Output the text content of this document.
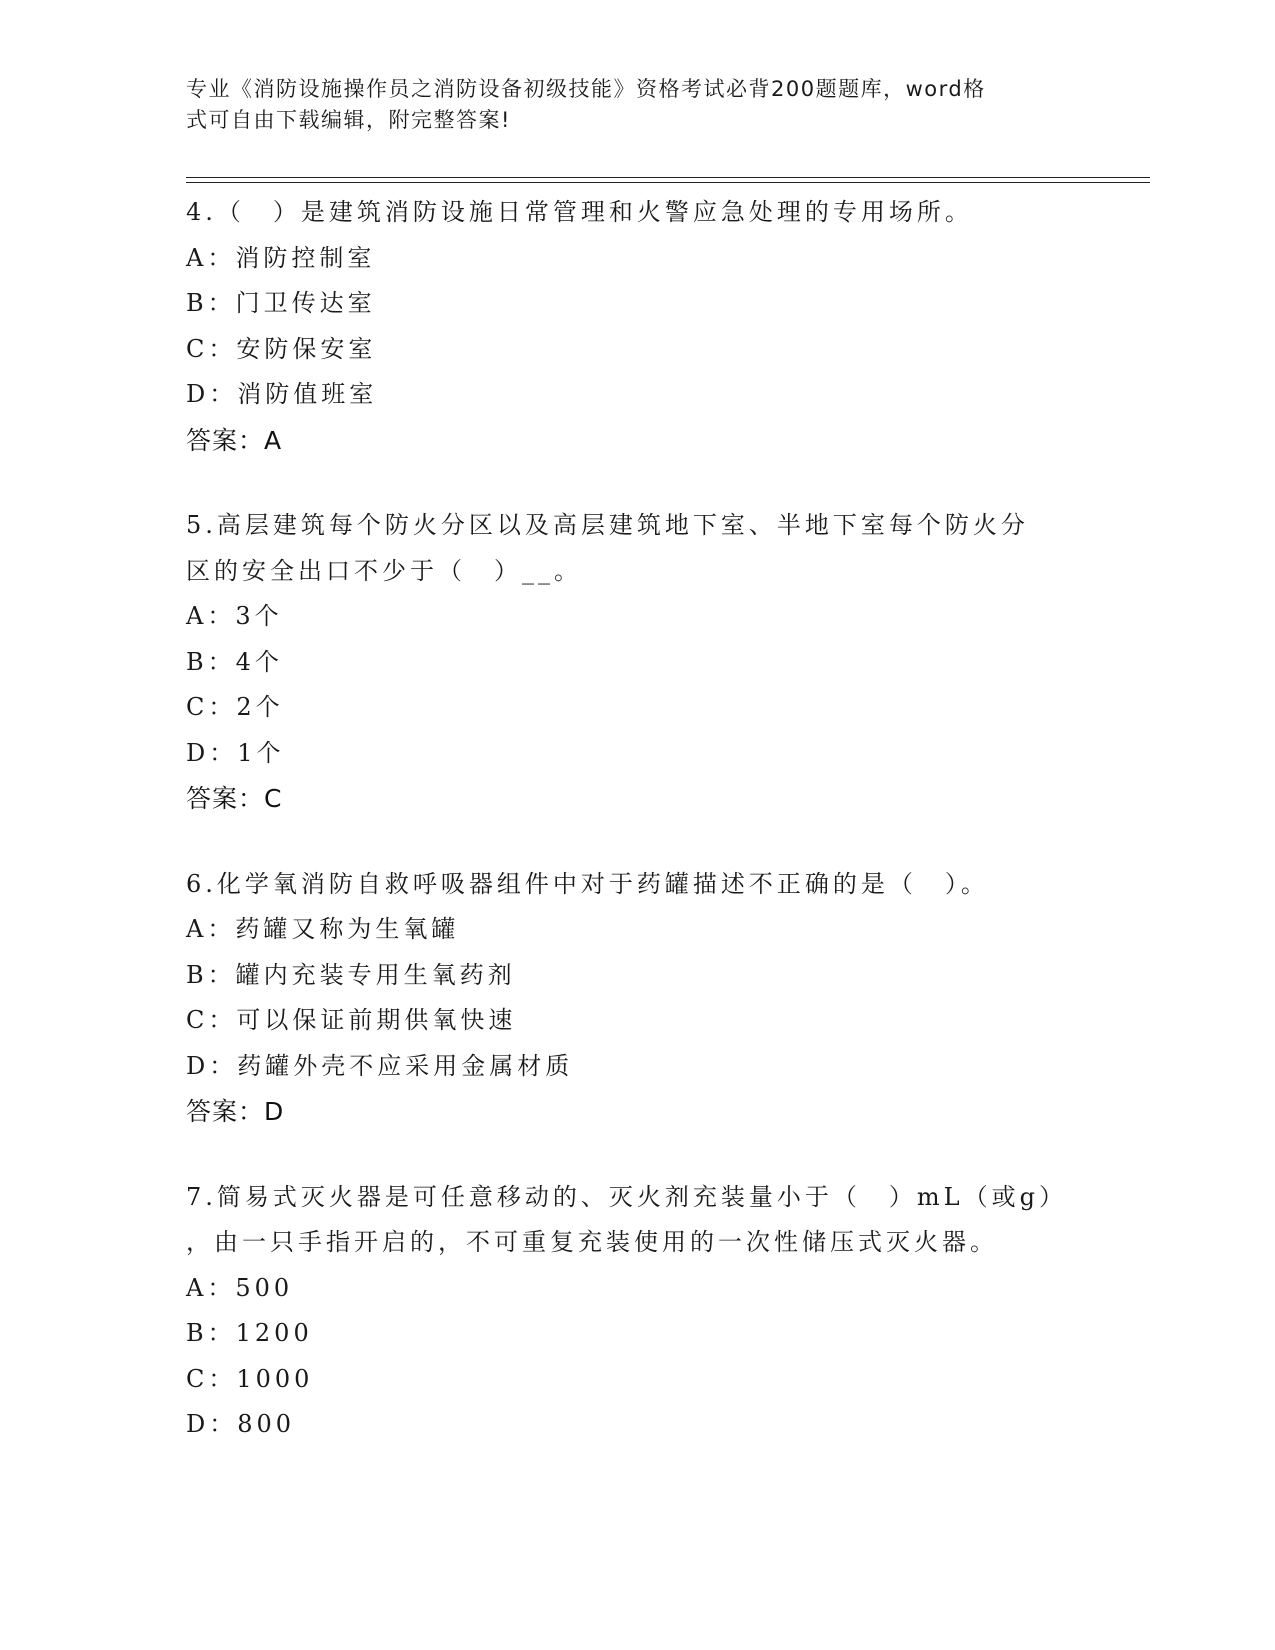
专业《消防设施操作员之消防设备初级技能》资格考试必背200题题库，word格
式可自由下载编辑，附完整答案!
4.（　）是建筑消防设施日常管理和火警应急处理的专用场所。
A：消防控制室
B：门卫传达室
C：安防保安室
D：消防值班室
答案：A
5.高层建筑每个防火分区以及高层建筑地下室、半地下室每个防火分
区的安全出口不少于（　）__。
A：3个
B：4个
C：2个
D：1个
答案：C
6.化学氧消防自救呼吸器组件中对于药罐描述不正确的是（　）。
A：药罐又称为生氧罐
B：罐内充装专用生氧药剂
C：可以保证前期供氧快速
D：药罐外壳不应采用金属材质
答案：D
7.简易式灭火器是可任意移动的、灭火剂充装量小于（　）mL（或g）
，由一只手指开启的，不可重复充装使用的一次性储压式灭火器。
A：500
B：1200
C：1000
D：800
